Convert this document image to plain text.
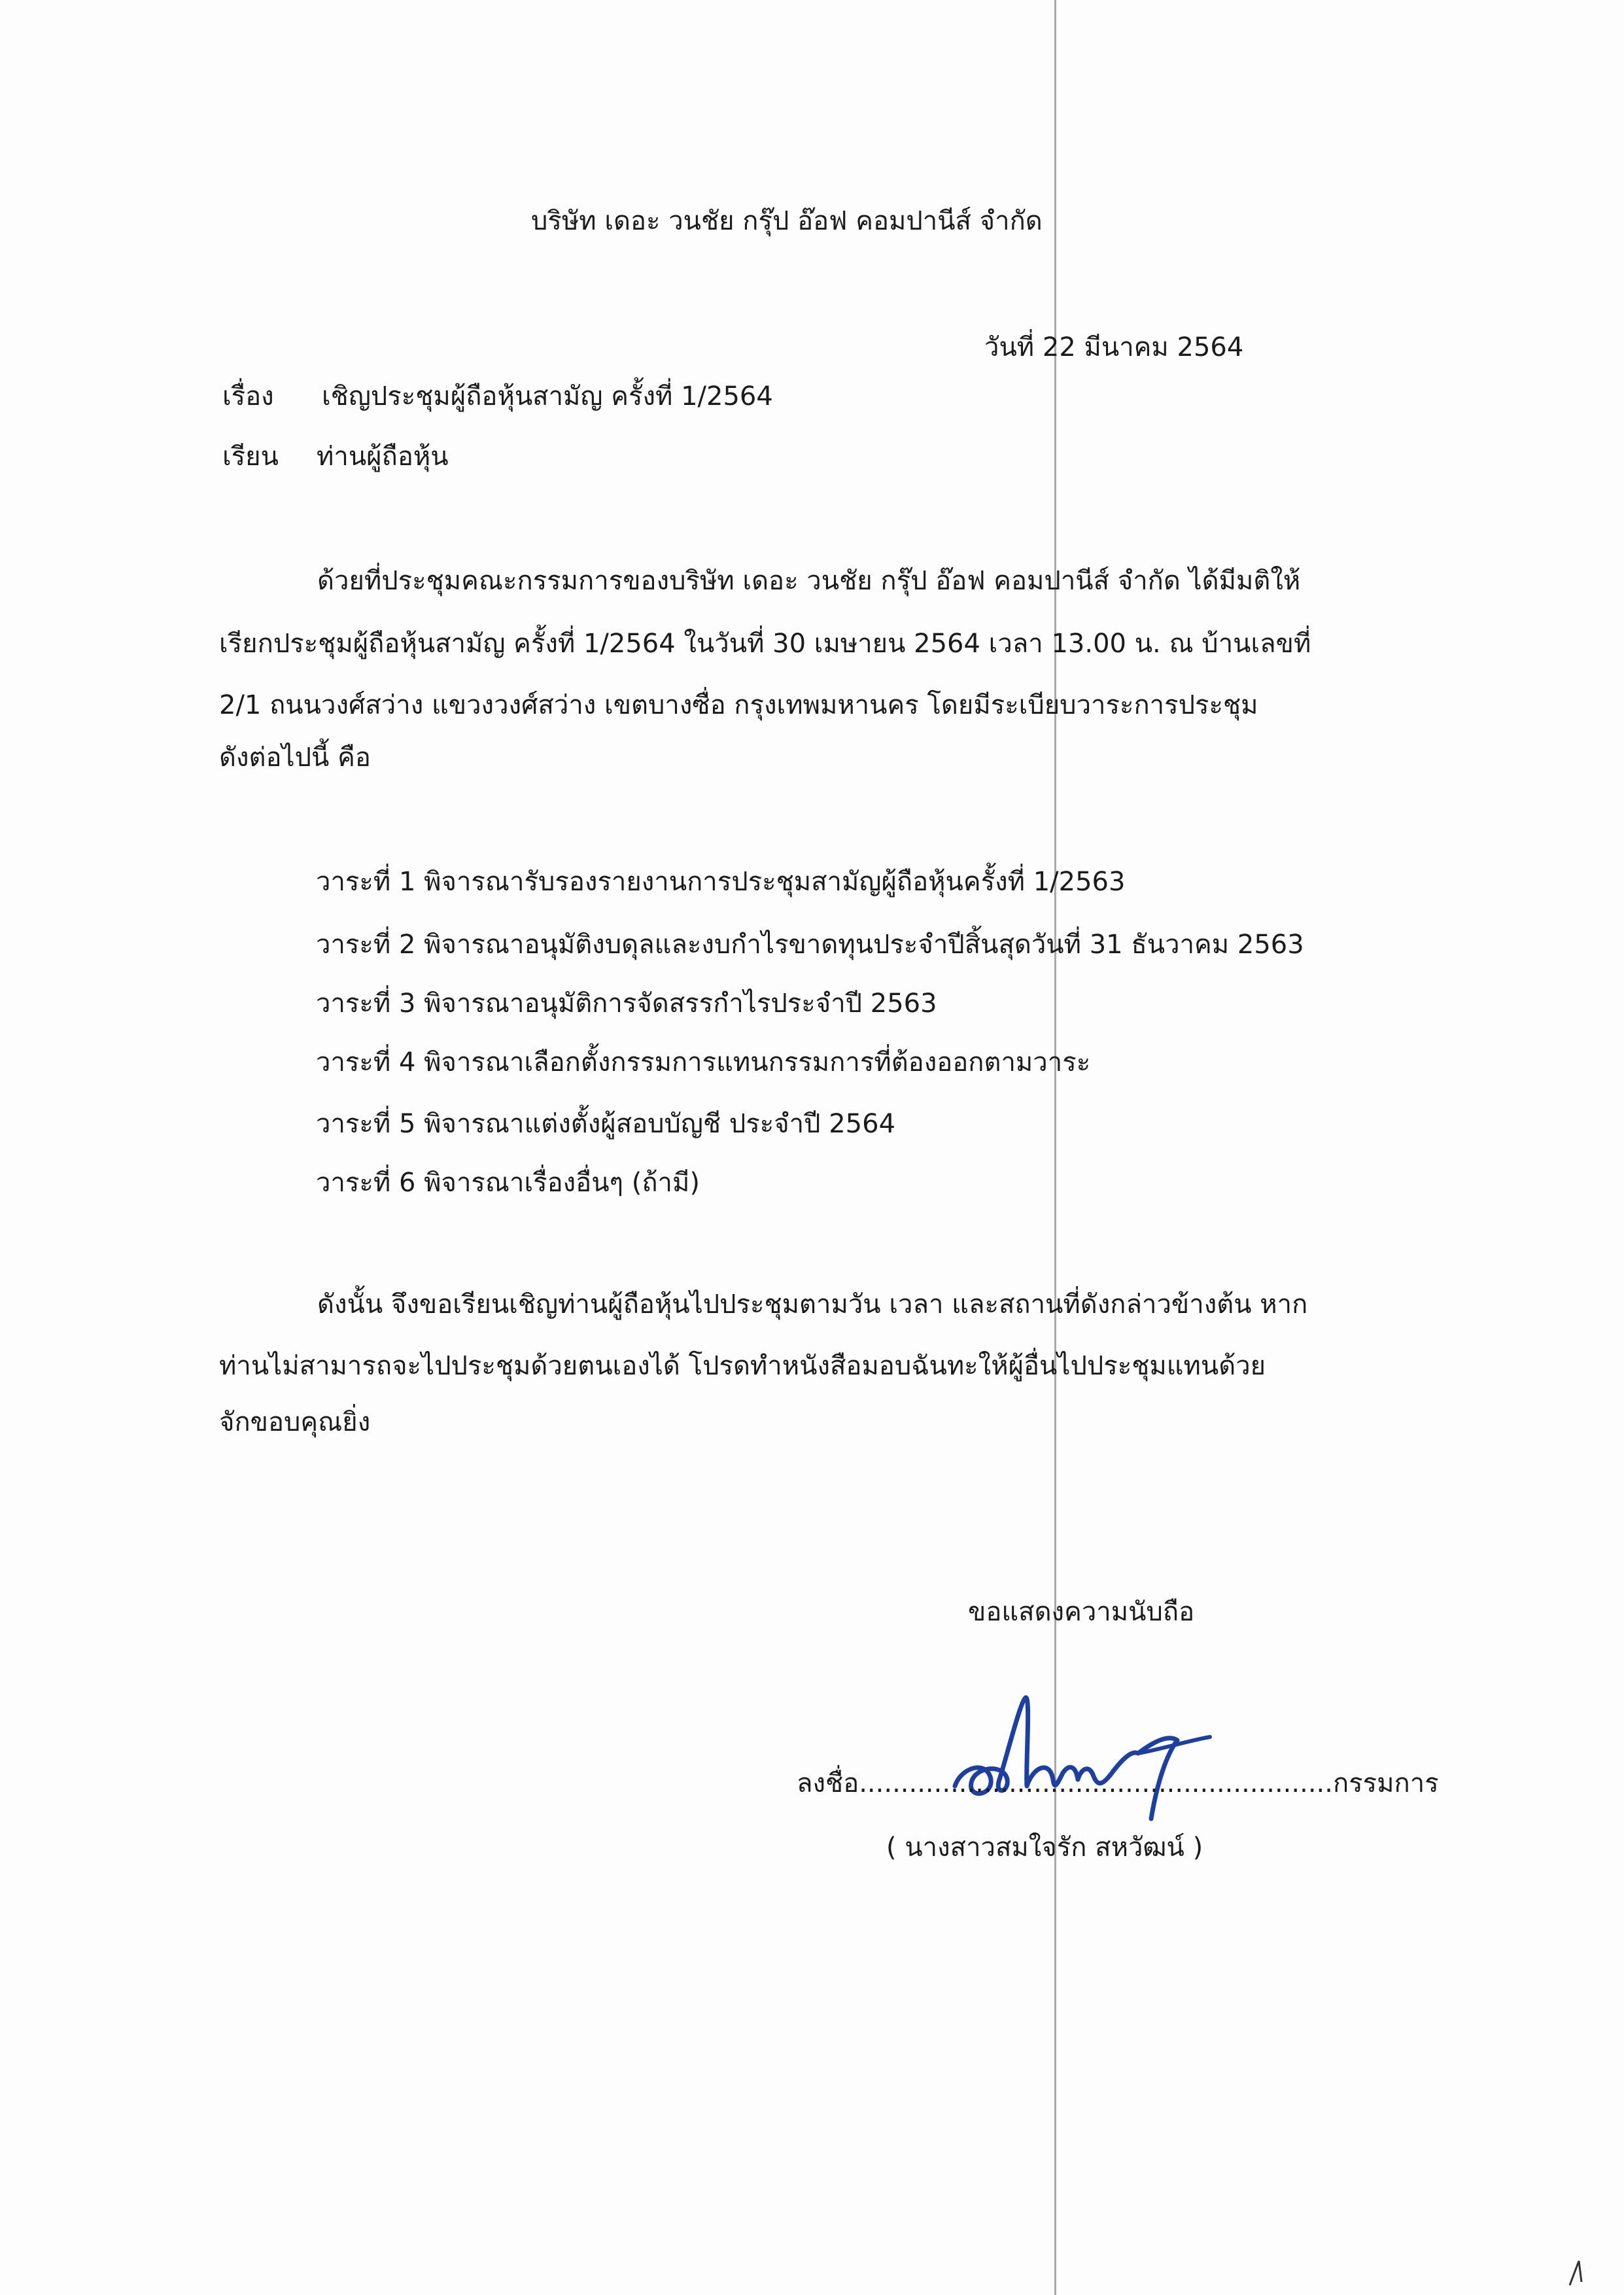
บริษัท เดอะ วนชัย กรุ๊ป อ๊อฟ คอมปานีส์ จำกัด
วันที่ 22 มีนาคม 2564
เรื่อง เชิญประชุมผู้ถือหุ้นสามัญ ครั้งที่ 1/2564
เรียน ท่านผู้ถือหุ้น
ด้วยที่ประชุมคณะกรรมการของบริษัท เดอะ วนชัย กรุ๊ป อ๊อฟ คอมปานีส์ จำกัด ได้มีมติให้
เรียกประชุมผู้ถือหุ้นสามัญ ครั้งที่ 1/2564 ในวันที่ 30 เมษายน 2564 เวลา 13.00 น. ณ บ้านเลขที่
2/1 ถนนวงศ์สว่าง แขวงวงศ์สว่าง เขตบางซื่อ กรุงเทพมหานคร โดยมีระเบียบวาระการประชุม
ดังต่อไปนี้ คือ
วาระที่ 1 พิจารณารับรองรายงานการประชุมสามัญผู้ถือหุ้นครั้งที่ 1/2563
วาระที่ 2 พิจารณาอนุมัติงบดุลและงบกำไรขาดทุนประจำปีสิ้นสุดวันที่ 31 ธันวาคม 2563
วาระที่ 3 พิจารณาอนุมัติการจัดสรรกำไรประจำปี 2563
วาระที่ 4 พิจารณาเลือกตั้งกรรมการแทนกรรมการที่ต้องออกตามวาระ
วาระที่ 5 พิจารณาแต่งตั้งผู้สอบบัญชี ประจำปี 2564
วาระที่ 6 พิจารณาเรื่องอื่นๆ (ถ้ามี)
ดังนั้น จึงขอเรียนเชิญท่านผู้ถือหุ้นไปประชุมตามวัน เวลา และสถานที่ดังกล่าวข้างต้น หาก
ท่านไม่สามารถจะไปประชุมด้วยตนเองได้ โปรดทำหนังสือมอบฉันทะให้ผู้อื่นไปประชุมแทนด้วย
จักขอบคุณยิ่ง
ขอแสดงความนับถือ
ลงชื่อ.........................................................กรรมการ
( นางสาวสมใจรัก สหวัฒน์ )
